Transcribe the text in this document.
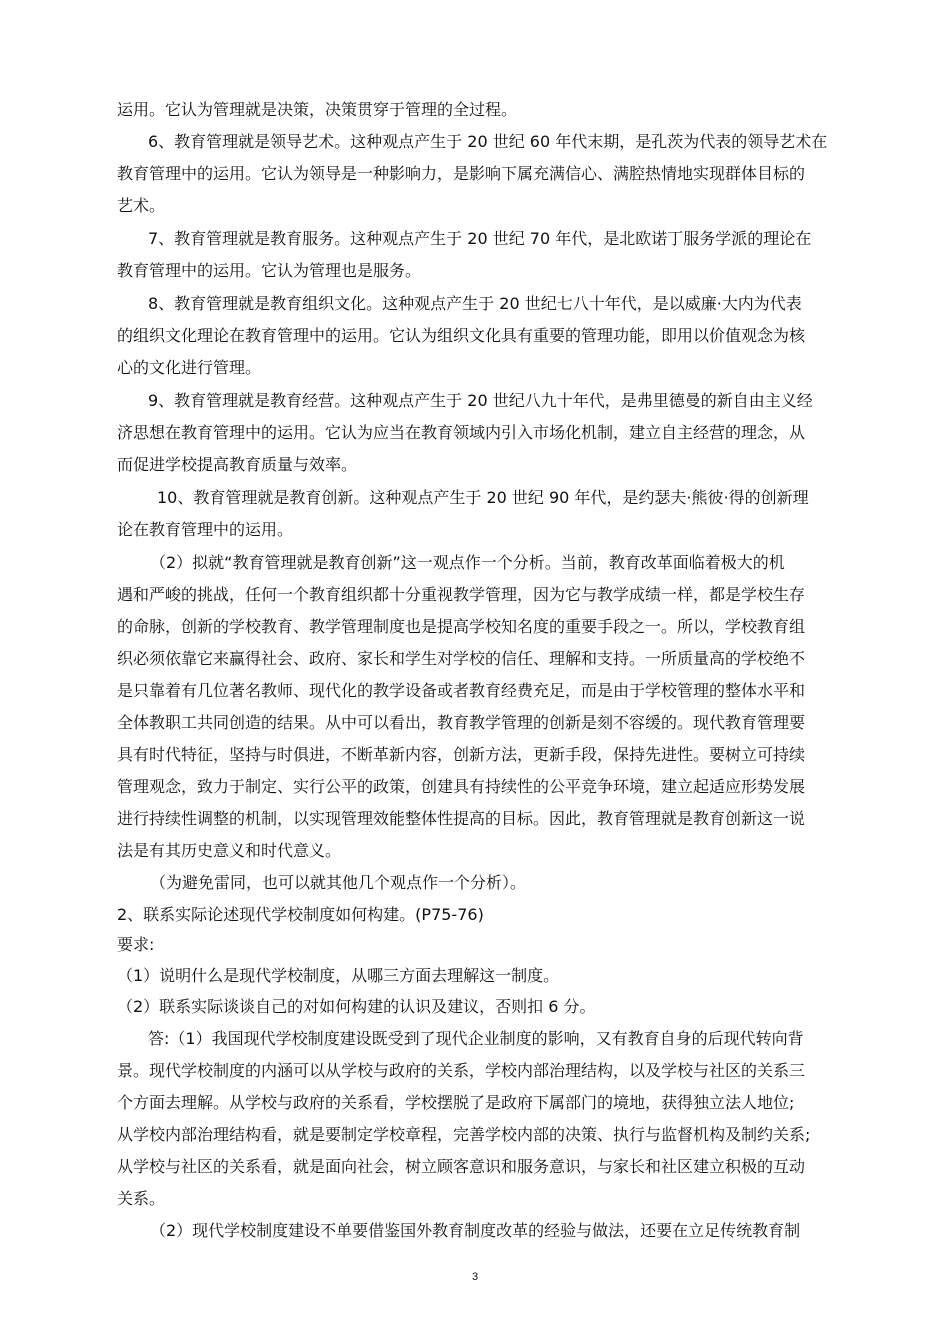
运用。它认为管理就是决策，决策贯穿于管理的全过程。
6、教育管理就是领导艺术。这种观点产生于 20 世纪 60 年代末期，是孔茨为代表的领导艺术在
教育管理中的运用。它认为领导是一种影响力，是影响下属充满信心、满腔热情地实现群体目标的
艺术。
7、教育管理就是教育服务。这种观点产生于 20 世纪 70 年代，是北欧诺丁服务学派的理论在
教育管理中的运用。它认为管理也是服务。
8、教育管理就是教育组织文化。这种观点产生于 20 世纪七八十年代，是以威廉·大内为代表
的组织文化理论在教育管理中的运用。它认为组织文化具有重要的管理功能，即用以价值观念为核
心的文化进行管理。
9、教育管理就是教育经营。这种观点产生于 20 世纪八九十年代，是弗里德曼的新自由主义经
济思想在教育管理中的运用。它认为应当在教育领域内引入市场化机制，建立自主经营的理念，从
而促进学校提高教育质量与效率。
10、教育管理就是教育创新。这种观点产生于 20 世纪 90 年代，是约瑟夫·熊彼·得的创新理
论在教育管理中的运用。
（2）拟就“教育管理就是教育创新”这一观点作一个分析。当前，教育改革面临着极大的机
遇和严峻的挑战，任何一个教育组织都十分重视教学管理，因为它与教学成绩一样，都是学校生存
的命脉，创新的学校教育、教学管理制度也是提高学校知名度的重要手段之一。所以，学校教育组
织必须依靠它来赢得社会、政府、家长和学生对学校的信任、理解和支持。一所质量高的学校绝不
是只靠着有几位著名教师、现代化的教学设备或者教育经费充足，而是由于学校管理的整体水平和
全体教职工共同创造的结果。从中可以看出，教育教学管理的创新是刻不容缓的。现代教育管理要
具有时代特征，坚持与时俱进，不断革新内容，创新方法，更新手段，保持先进性。要树立可持续
管理观念，致力于制定、实行公平的政策，创建具有持续性的公平竞争环境，建立起适应形势发展
进行持续性调整的机制，以实现管理效能整体性提高的目标。因此，教育管理就是教育创新这一说
法是有其历史意义和时代意义。
（为避免雷同，也可以就其他几个观点作一个分析）。
2、联系实际论述现代学校制度如何构建。(P75-76)
要求:
（1）说明什么是现代学校制度，从哪三方面去理解这一制度。
（2）联系实际谈谈自己的对如何构建的认识及建议，否则扣 6 分。
答:（1）我国现代学校制度建设既受到了现代企业制度的影响，又有教育自身的后现代转向背
景。现代学校制度的内涵可以从学校与政府的关系，学校内部治理结构，以及学校与社区的关系三
个方面去理解。从学校与政府的关系看，学校摆脱了是政府下属部门的境地，获得独立法人地位;
从学校内部治理结构看，就是要制定学校章程，完善学校内部的决策、执行与监督机构及制约关系;
从学校与社区的关系看，就是面向社会，树立顾客意识和服务意识，与家长和社区建立积极的互动
关系。
（2）现代学校制度建设不单要借鉴国外教育制度改革的经验与做法，还要在立足传统教育制
3
